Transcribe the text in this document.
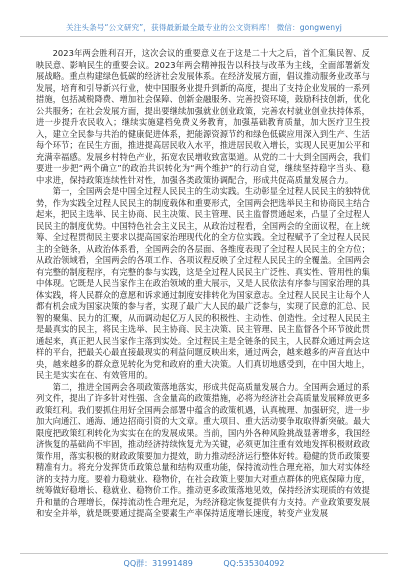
关注头条号“公文研究”，获得最新最全最专业的公文资料库！ 微信：gongwenyj

2023年两会胜利召开，这次会议的重要意义在于这是二十大之后，首个汇集民智、反映民意、影响民生的重要会议。2023年两会精神报告以科技与改革为主线，全面部署新发展战略。重点构建绿色低碳的经济社会发展体系。在经济发展方面，倡议推动服务业改革与发展，培育和引导新兴行业，使中国服务业提升到新的高度，提出了支持企业发展的一系列措施，包括减税降费、增加社会保障、创新金融服务、完善投资环境，鼓励科技创新，优化公共服务；在社会发展方面，提出要继续加强就业创业政策，完善农村就业创业扶持体系，进一步提升农民收入；继续实施建档免费义务教育，加强基础教育质量，加大医疗卫生投入，建立全民参与共治的健康促进体系，把能源资源节约和绿色低碳应用深入到生产、生活每个环节；在民生方面，推进提高居民收入水平，推进居民收入增长，实现人民更加公平和充满幸福感。发展乡村特色产业，拓宽农民增收致富渠道。从党的二十大到全国两会，我们要进一步把“两个确立”的政治共识转化为“两个维护”的行动自觉，继续坚持稳字当头、稳中求进，保持政策连续性针对性，加强各类政策协调配合，形成共促高质量发展合力。

第一，全国两会是中国全过程人民民主的生动实践。生动彰显全过程人民民主的独特优势，作为实践全过程人民民主的制度载体和重要形式，全国两会把选举民主和协商民主结合起来，把民主选举、民主协商、民主决策、民主管理、民主监督贯通起来，凸显了全过程人民民主的制度优势。中国特色社会主义民主，从政治过程看，全国两会的全面议程，在上统筹、全过程贯彻民主要求以提高国家治理现代化的全方位实践。全过程赋予了全过程人民民主的全链条，从政治体系看，全国两会的各层面、各维度表现了全过程人民民主的全方位；从政治领域看，全国两会的各项工作、各项议程反映了全过程人民民主的全覆盖。全国两会有完整的制度程序，有完整的参与实践，这是全过程人民民主广泛性、真实性、管用性的集中体现。它既是人民当家作主在政治领域的重大展示，又是人民依法有序参与国家治理的具体实践，将人民群众的意愿和诉求通过制度安排转化为国家意志。全过程人民民主让每个人都有机会成为国家决策的参与者，实现了最广大人民的最广泛参与，实现了民意的汇总、民智的聚集、民力的汇聚，从而调动起亿万人民的积极性、主动性、创造性。全过程人民民主是最真实的民主，将民主选举、民主协商、民主决策、民主管理、民主监督各个环节彼此贯通起来，真正把人民当家作主落到实处。全过程民主是全链条的民主，人民群众通过两会这样的平台，把最关心最直接最现实的利益问题反映出来，通过两会，越来越多的声音直达中央，越来越多的群众意见转化为党和政府的重大决策。人们真切地感受到，在中国大地上，民主是实实在在、有效管用的。

第二，推进全国两会各项政策落地落实，形成共促高质量发展合力。全国两会通过的系列文件，提出了许多针对性强、含金量高的政策措施，必将为经济社会高质量发展释放更多政策红利。我们要抓住用好全国两会部署中蕴含的政策机遇，认真梳理、加强研究，进一步加大向通江、通海、通边招商引资的大文章。重大项目、重大活动要争取取得新突破。最大限度把政策红利转化为实实在在的发展成果。当前，国内外各种风险挑战显著增多，我国经济恢复的基础尚不牢固，推动经济持续恢复尤为关键，必须更加注重有效地发挥积极财政政策作用，落实积极的财政政策要加力提效，助力推动经济运行整体好转。稳健的货币政策要精准有力。将充分发挥货币政策总量和结构双重功能，保持流动性合理充裕，加大对实体经济的支持力度。要着力稳就业、稳物价，在社会政策上要加大对重点群体的兜底保障力度，统筹做好稳增长、稳就业、稳物价工作。推动更多政策落地见效，保持经济实现质的有效提升和量的合理增长，保持流动性合理充足，为经济稳定恢复提供有力支持。产业政策要发展和安全并举，就是既要通过提高全要素生产率保持适度增长速度，转变产业发展

QQ群：31991489	QQ:535304092
